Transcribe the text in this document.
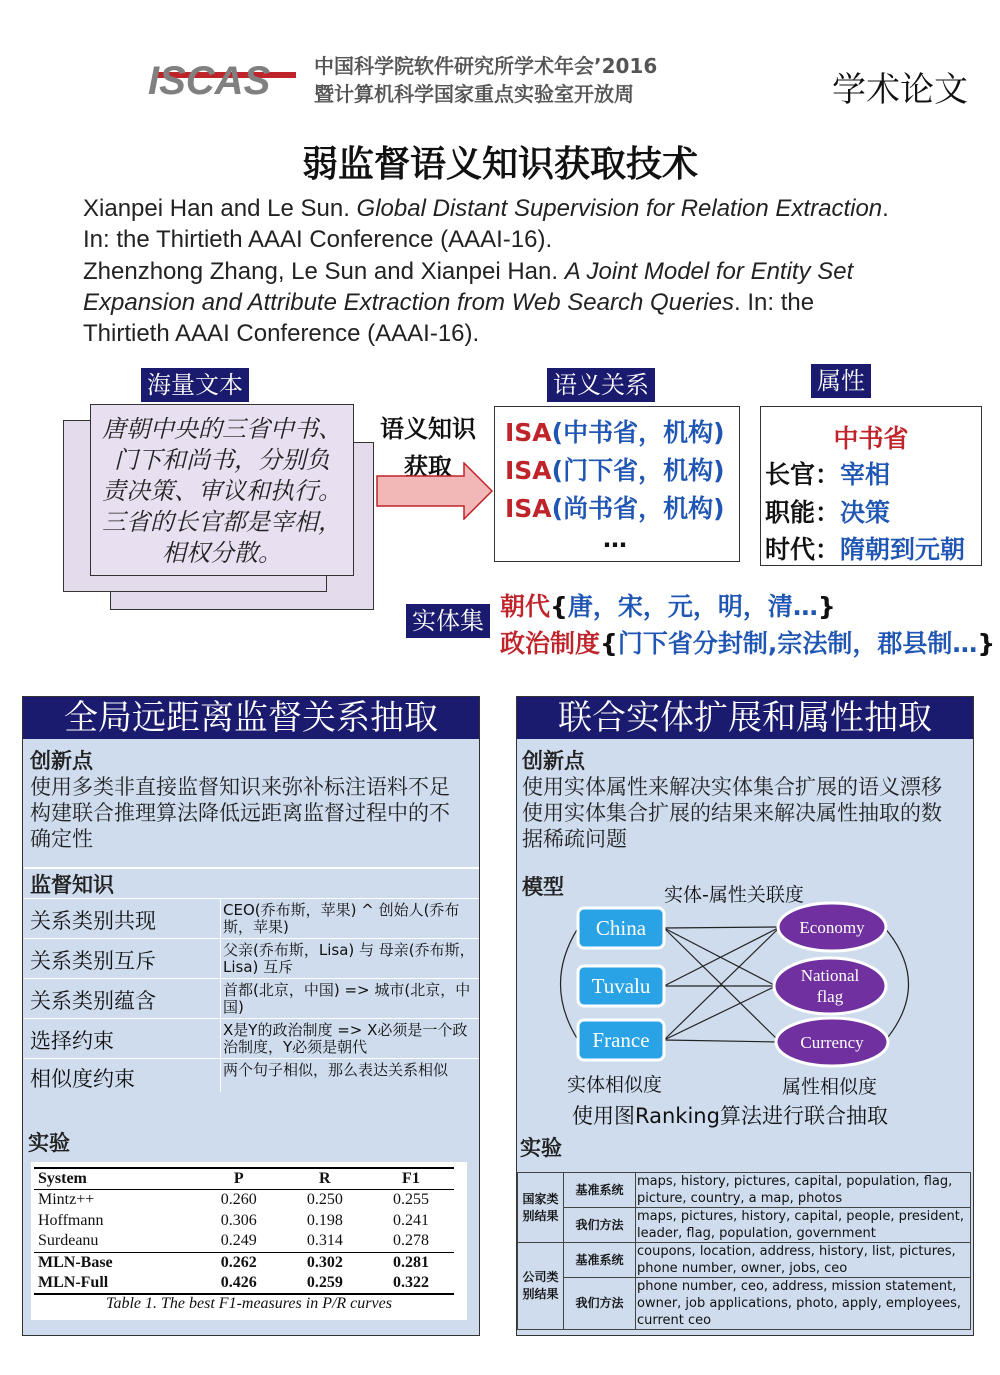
ISCAS 中国科学院软件研究所学术年会’2016
暨计算机科学国家重点实验室开放周	学术论文
弱监督语义知识获取技术
Xianpei Han and Le Sun. Global Distant Supervision for Relation Extraction.
In: the Thirtieth AAAI Conference (AAAI-16).
Zhenzhong Zhang, Le Sun and Xianpei Han. A Joint Model for Entity Set
Expansion and Attribute Extraction from Web Search Queries. In: the
Thirtieth AAAI Conference (AAAI-16).
海量文本
唐朝中央的三省中书、
门下和尚书，分别负
责决策、审议和执行。
三省的长官都是宰相，
相权分散。
语义知识
获取
语义关系
ISA(中书省，机构)
ISA(门下省，机构)
ISA(尚书省，机构)
…
属性
中书省
长官：宰相
职能：决策
时代：隋朝到元朝
实体集 朝代{唐，宋，元，明，清…}
政治制度{门下省分封制,宗法制，郡县制…}
全局远距离监督关系抽取
创新点
使用多类非直接监督知识来弥补标注语料不足
构建联合推理算法降低远距离监督过程中的不
确定性
监督知识
关系类别共现	CEO(乔布斯，苹果) ^ 创始人(乔布斯，苹果)
关系类别互斥	父亲(乔布斯，Lisa) 与 母亲(乔布斯，Lisa) 互斥
关系类别蕴含	首都(北京，中国) => 城市(北京，中国)
选择约束	X是Y的政治制度 => X必须是一个政治制度，Y必须是朝代
相似度约束	两个句子相似，那么表达关系相似
实验
System	P	R	F1
Mintz++	0.260	0.250	0.255
Hoffmann	0.306	0.198	0.241
Surdeanu	0.249	0.314	0.278
MLN-Base	0.262	0.302	0.281
MLN-Full	0.426	0.259	0.322
Table 1. The best F1-measures in P/R curves
联合实体扩展和属性抽取
创新点
使用实体属性来解决实体集合扩展的语义漂移
使用实体集合扩展的结果来解决属性抽取的数
据稀疏问题
模型	实体-属性关联度
China
Tuvalu
France
Economy
National
flag
Currency
实体相似度	属性相似度
使用图Ranking算法进行联合抽取
实验
国家类别结果	基准系统	maps, history, pictures, capital, population, flag, picture, country, a map, photos
	我们方法	maps, pictures, history, capital, people, president, leader, flag, population, government
公司类别结果	基准系统	coupons, location, address, history, list, pictures, phone number, owner, jobs, ceo
	我们方法	phone number, ceo, address, mission statement, owner, job applications, photo, apply, employees, current ceo
